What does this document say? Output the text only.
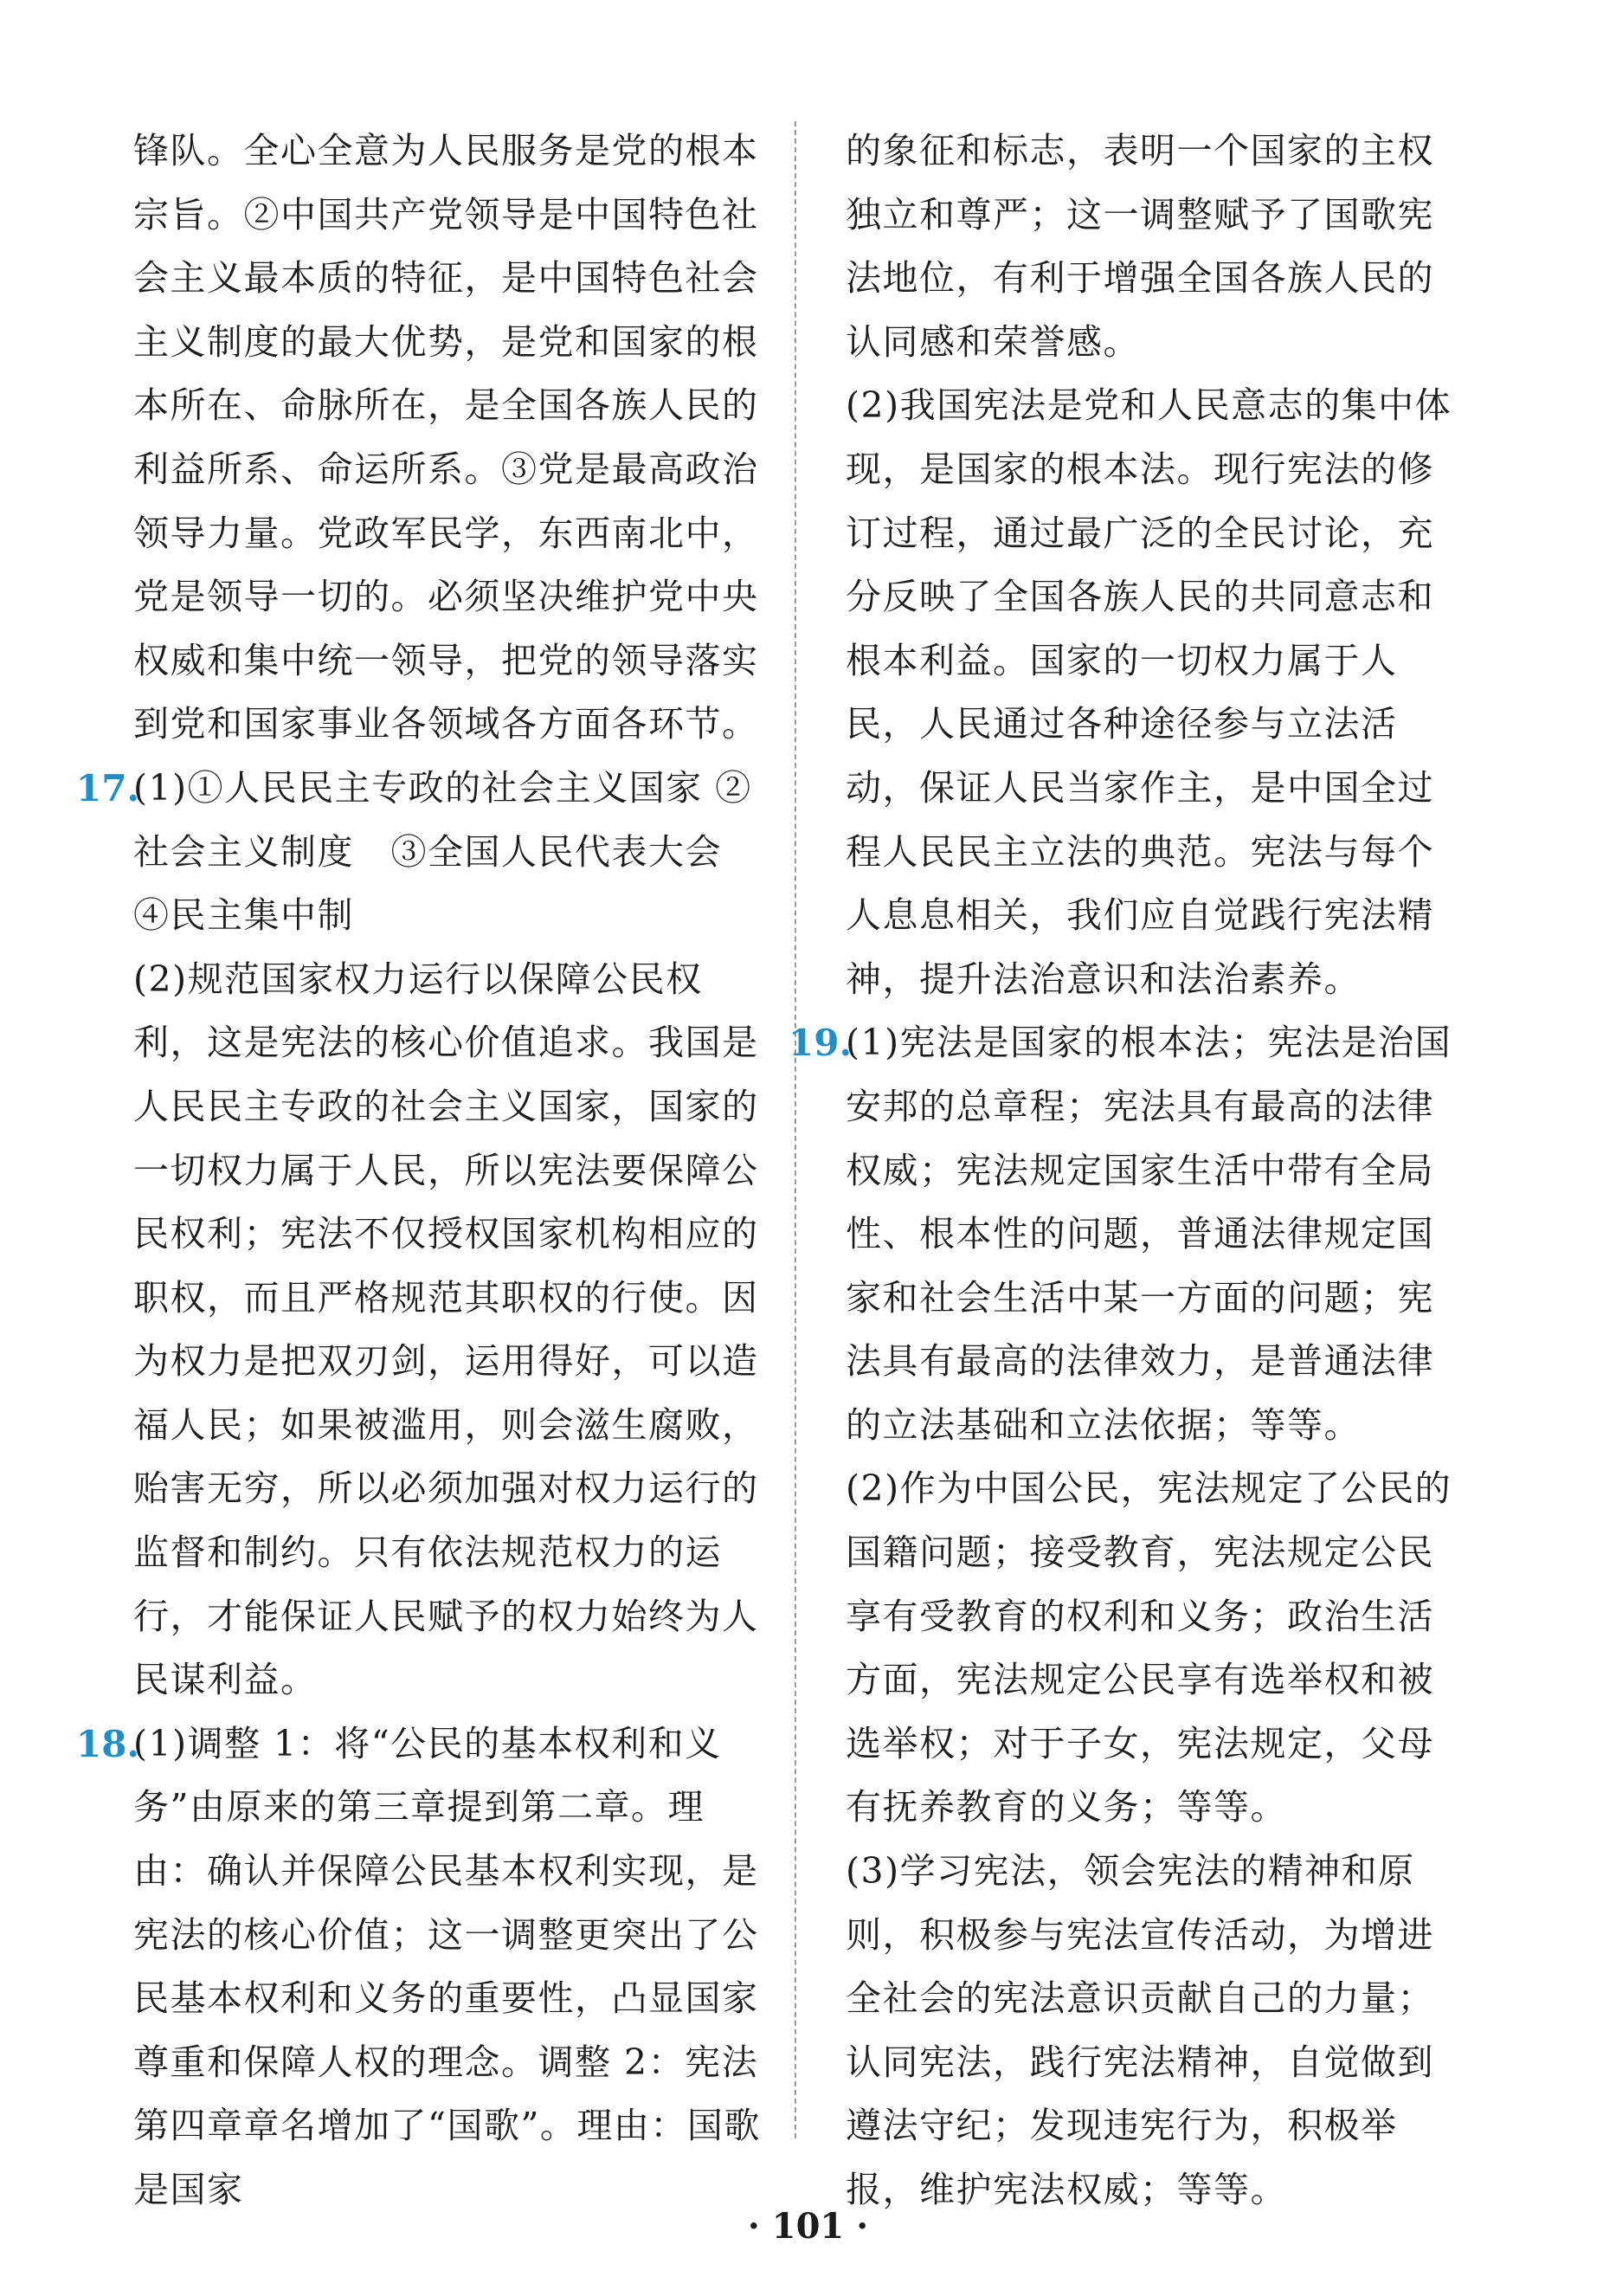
锋队。全心全意为人民服务是党的根本宗旨。②中国共产党领导是中国特色社会主义最本质的特征，是中国特色社会主义制度的最大优势，是党和国家的根本所在、命脉所在，是全国各族人民的利益所系、命运所系。③党是最高政治领导力量。党政军民学，东西南北中，党是领导一切的。必须坚决维护党中央权威和集中统一领导，把党的领导落实到党和国家事业各领域各方面各环节。

17.

(1)①人民民主专政的社会主义国家 ②社会主义制度　③全国人民代表大会　④民主集中制

(2)规范国家权力运行以保障公民权利，这是宪法的核心价值追求。我国是人民民主专政的社会主义国家，国家的一切权力属于人民，所以宪法要保障公民权利；宪法不仅授权国家机构相应的职权，而且严格规范其职权的行使。因为权力是把双刃剑，运用得好，可以造福人民；如果被滥用，则会滋生腐败，贻害无穷，所以必须加强对权力运行的监督和制约。只有依法规范权力的运行，才能保证人民赋予的权力始终为人民谋利益。

18.

(1)调整 1：将“公民的基本权利和义务”由原来的第三章提到第二章。理由：确认并保障公民基本权利实现，是宪法的核心价值；这一调整更突出了公民基本权利和义务的重要性，凸显国家尊重和保障人权的理念。调整 2：宪法第四章章名增加了“国歌”。理由：国歌是国家

的象征和标志，表明一个国家的主权独立和尊严；这一调整赋予了国歌宪法地位，有利于增强全国各族人民的认同感和荣誉感。

(2)我国宪法是党和人民意志的集中体现，是国家的根本法。现行宪法的修订过程，通过最广泛的全民讨论，充分反映了全国各族人民的共同意志和根本利益。国家的一切权力属于人民，人民通过各种途径参与立法活动，保证人民当家作主，是中国全过程人民民主立法的典范。宪法与每个人息息相关，我们应自觉践行宪法精神，提升法治意识和法治素养。

19.

(1)宪法是国家的根本法；宪法是治国安邦的总章程；宪法具有最高的法律权威；宪法规定国家生活中带有全局性、根本性的问题，普通法律规定国家和社会生活中某一方面的问题；宪法具有最高的法律效力，是普通法律的立法基础和立法依据；等等。

(2)作为中国公民，宪法规定了公民的国籍问题；接受教育，宪法规定公民享有受教育的权利和义务；政治生活方面，宪法规定公民享有选举权和被选举权；对于子女，宪法规定，父母有抚养教育的义务；等等。

(3)学习宪法，领会宪法的精神和原则，积极参与宪法宣传活动，为增进全社会的宪法意识贡献自己的力量；认同宪法，践行宪法精神，自觉做到遵法守纪；发现违宪行为，积极举报，维护宪法权威；等等。

· 101 ·
